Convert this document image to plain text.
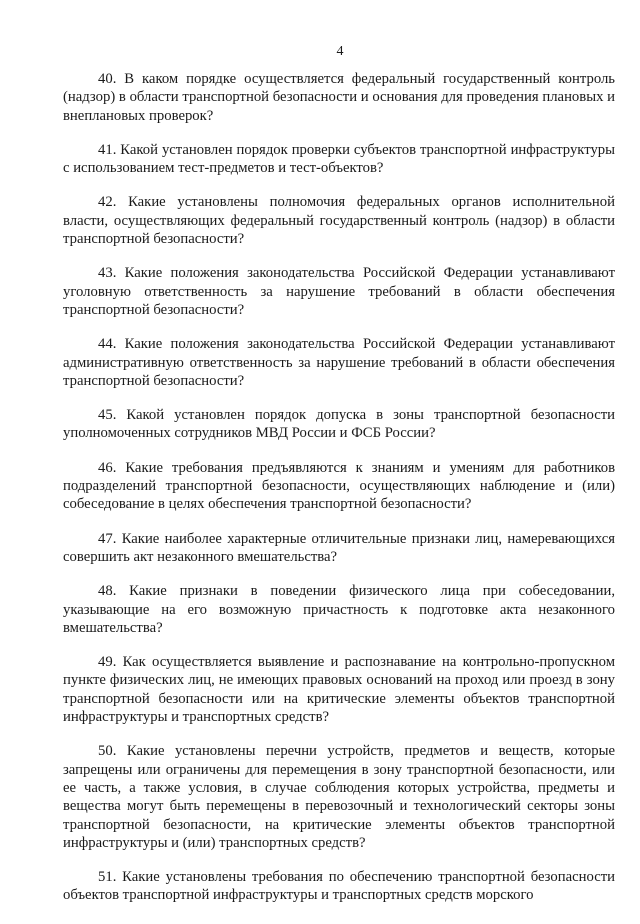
4

40. В каком порядке осуществляется федеральный государственный контроль (надзор) в области транспортной безопасности и основания для проведения плановых и внеплановых проверок?

41. Какой установлен порядок проверки субъектов транспортной инфраструктуры с использованием тест-предметов и тест-объектов?

42. Какие установлены полномочия федеральных органов исполнительной власти, осуществляющих федеральный государственный контроль (надзор) в области транспортной безопасности?

43. Какие положения законодательства Российской Федерации устанавливают уголовную ответственность за нарушение требований в области обеспечения транспортной безопасности?

44. Какие положения законодательства Российской Федерации устанавливают административную ответственность за нарушение требований в области обеспечения транспортной безопасности?

45. Какой установлен порядок допуска в зоны транспортной безопасности уполномоченных сотрудников МВД России и ФСБ России?

46. Какие требования предъявляются к знаниям и умениям для работников подразделений транспортной безопасности, осуществляющих наблюдение и (или) собеседование в целях обеспечения транспортной безопасности?

47. Какие наиболее характерные отличительные признаки лиц, намеревающихся совершить акт незаконного вмешательства?

48. Какие признаки в поведении физического лица при собеседовании, указывающие на его возможную причастность к подготовке акта незаконного вмешательства?

49. Как осуществляется выявление и распознавание на контрольно-пропускном пункте физических лиц, не имеющих правовых оснований на проход или проезд в зону транспортной безопасности или на критические элементы объектов транспортной инфраструктуры и транспортных средств?

50. Какие установлены перечни устройств, предметов и веществ, которые запрещены или ограничены для перемещения в зону транспортной безопасности, или ее часть, а также условия, в случае соблюдения которых устройства, предметы и вещества могут быть перемещены в перевозочный и технологический секторы зоны транспортной безопасности, на критические элементы объектов транспортной инфраструктуры и (или) транспортных средств?

51. Какие установлены требования по обеспечению транспортной безопасности объектов транспортной инфраструктуры и транспортных средств морского
